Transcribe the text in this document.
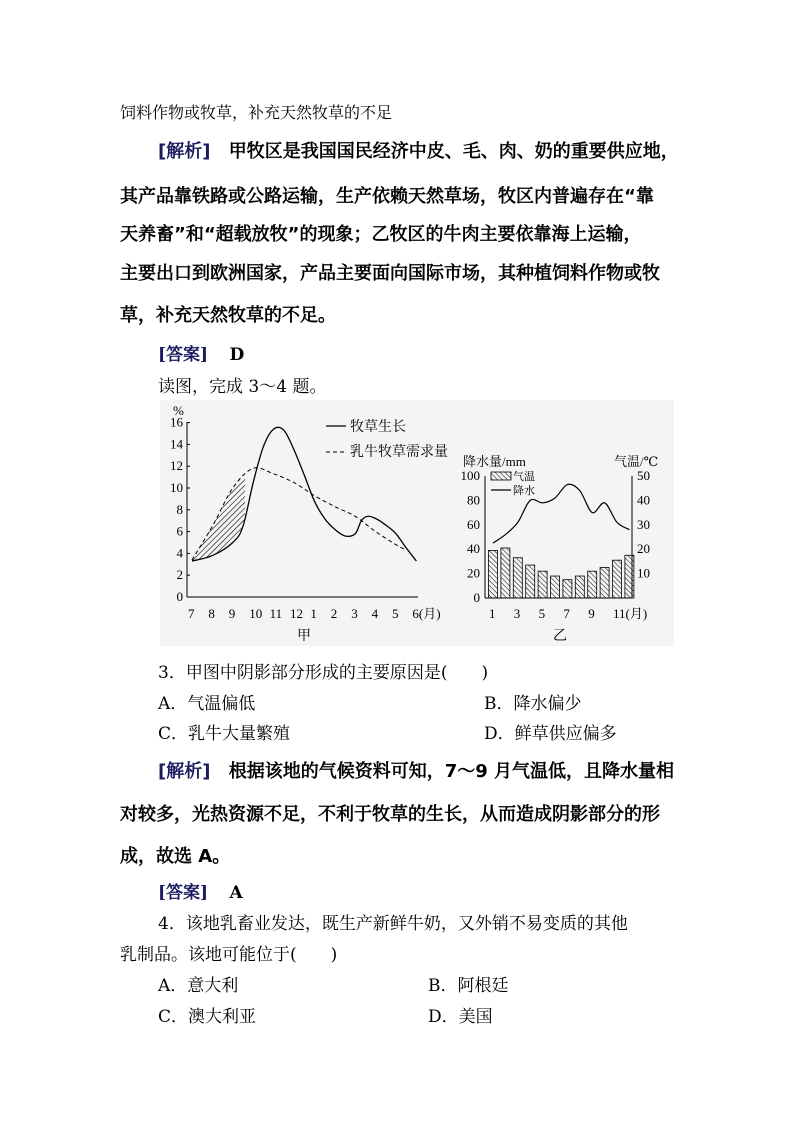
饲料作物或牧草，补充天然牧草的不足
[解析] 甲牧区是我国国民经济中皮、毛、肉、奶的重要供应地，
其产品靠铁路或公路运输，生产依赖天然草场，牧区内普遍存在“靠
天养畜”和“超载放牧”的现象；乙牧区的牛肉主要依靠海上运输，
主要出口到欧洲国家，产品主要面向国际市场，其种植饲料作物或牧
草，补充天然牧草的不足。
[答案] D
读图，完成 3～4 题。
%
0
2
4
6
8
10
12
14
16
7 8 9 10 11 12 1 2 3 4 5 6(月)
牧草生长
乳牛牧草需求量
甲
降水量/mm	气温/℃
0
20
40
60
80
100
10
20
30
40
50
1 3 5 7 9 11(月)
气温
降水
乙
3．甲图中阴影部分形成的主要原因是(　　)
A．气温偏低	B．降水偏少
C．乳牛大量繁殖	D．鲜草供应偏多
[解析] 根据该地的气候资料可知，7～9 月气温低，且降水量相
对较多，光热资源不足，不利于牧草的生长，从而造成阴影部分的形
成，故选 A。
[答案] A
4．该地乳畜业发达，既生产新鲜牛奶，又外销不易变质的其他
乳制品。该地可能位于(　　)
A．意大利	B．阿根廷
C．澳大利亚	D．美国
